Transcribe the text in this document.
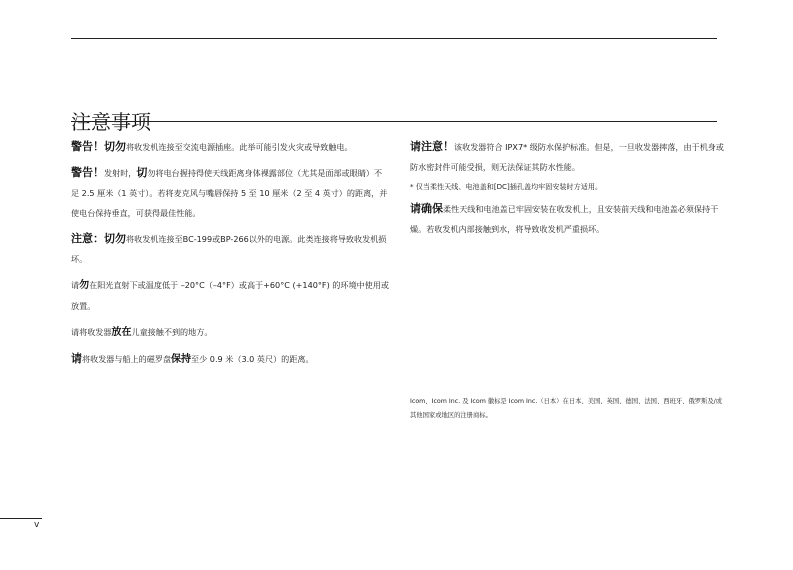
注意事项

警告！切勿将收发机连接至交流电源插座。此举可能引发火灾或导致触电。

警告！发射时，切勿将电台握持得使天线距离身体裸露部位（尤其是面部或眼睛）不足 2.5 厘米（1 英寸）。若将麦克风与嘴唇保持 5 至 10 厘米（2 至 4 英寸）的距离，并使电台保持垂直，可获得最佳性能。

注意：切勿将收发机连接至BC-199或BP-266以外的电源。此类连接将导致收发机损坏。

请勿在阳光直射下或温度低于 –20°C（–4°F）或高于+60°C (+140°F) 的环境中使用或放置。

请将收发器放在儿童接触不到的地方。

请将收发器与船上的磁罗盘保持至少 0.9 米（3.0 英尺）的距离。

请注意！该收发器符合 IPX7* 级防水保护标准。但是，一旦收发器摔落，由于机身或防水密封件可能受损，则无法保证其防水性能。

* 仅当柔性天线、电池盖和[DC]插孔盖均牢固安装时方适用。

请确保柔性天线和电池盖已牢固安装在收发机上，且安装前天线和电池盖必须保持干燥。若收发机内部接触到水，将导致收发机严重损坏。

Icom、Icom Inc. 及 Icom 徽标是 Icom Inc.（日本）在日本、美国、英国、德国、法国、西班牙、俄罗斯及/或其他国家或地区的注册商标。
v
